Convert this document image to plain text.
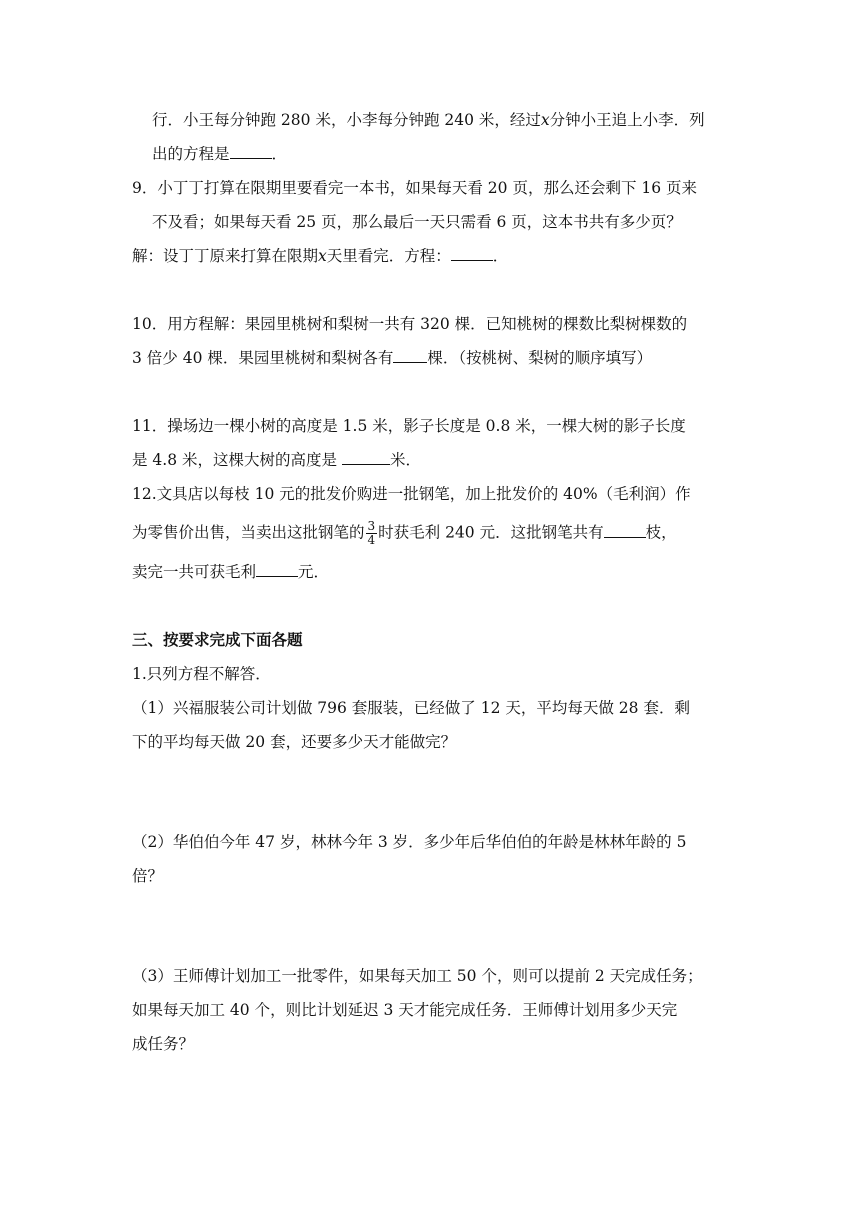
行．小王每分钟跑 280 米，小李每分钟跑 240 米，经过x分钟小王追上小李．列
出的方程是	．
9．小丁丁打算在限期里要看完一本书，如果每天看 20 页，那么还会剩下 16 页来
不及看；如果每天看 25 页，那么最后一天只需看 6 页，这本书共有多少页？
解：设丁丁原来打算在限期x天里看完．方程：	．
10．用方程解：果园里桃树和梨树一共有 320 棵．已知桃树的棵数比梨树棵数的
3 倍少 40 棵．果园里桃树和梨树各有 棵．（按桃树、梨树的顺序填写）
11．操场边一棵小树的高度是 1.5 米，影子长度是 0.8 米，一棵大树的影子长度
是 4.8 米，这棵大树的高度是	米．
12.文具店以每枝 10 元的批发价购进一批钢笔，加上批发价的 40%（毛利润）作
为零售价出售，当卖出这批钢笔的 $\frac{3}{4}$ 时获毛利 240 元．这批钢笔共有	枝，
卖完一共可获毛利	元．
三、按要求完成下面各题
1.只列方程不解答．
（1）兴福服装公司计划做 796 套服装，已经做了 12 天，平均每天做 28 套．剩
下的平均每天做 20 套，还要多少天才能做完？
（2）华伯伯今年 47 岁，林林今年 3 岁．多少年后华伯伯的年龄是林林年龄的 5
倍？
（3）王师傅计划加工一批零件，如果每天加工 50 个，则可以提前 2 天完成任务；
如果每天加工 40 个，则比计划延迟 3 天才能完成任务．王师傅计划用多少天完
成任务？
